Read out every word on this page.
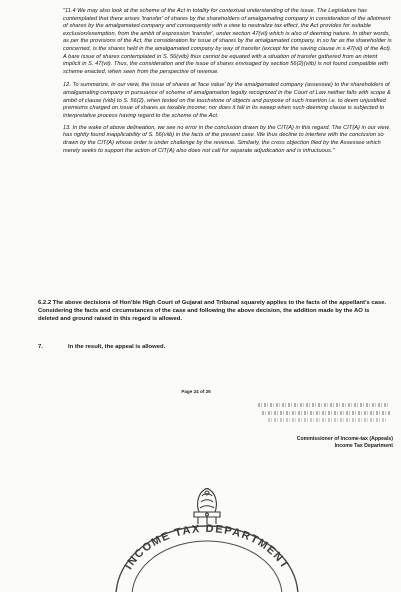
"11.4 We may also look at the scheme of the Act in totality for contextual understanding of the issue. The Legislature has contemplated that there arises 'transfer' of shares by the shareholders of amalgamating company in consideration of the allotment of shares by the amalgamated company and consequently with a view to neutralize tax effect, the Act provides for suitable exclusion/exemption, from the ambit of expression 'transfer', under section 47(vii) which is also of deeming nature. In other words, as per the provisions of the Act, the consideration for issue of shares by the amalgamated company, in so far as the shareholder is concerned, is the shares held in the amalgamated company by way of transfer (except for the saving clause in s.47(vii) of the Act). A bare issue of shares contemplated in S. 56(viib) thus cannot be equated with a situation of transfer gathered from an intent implicit in S. 47(vii). Thus, the consideration and the issue of shares envisaged by section 56(2)(viib) is not found compatible with scheme enacted, when seen from the perspective of revenue.

12. To summarize, in our view, the issue of shares at 'face value' by the amalgamated company (assessee) to the shareholders of amalgamating company in pursuance of scheme of amalgamation legally recognized in the Court of Law neither falls with scope & ambit of clause (viib) to S. 56(2), when tested on the touchstone of objects and purpose of such insertion i.e. to deem unjustified premiums charged on issue of shares as taxable income; nor does it fall in its sweep when such deeming clause is subjected to interpretative process having regard to the scheme of the Act.

13. In the wake of above delineation, we see no error in the conclusion drawn by the CIT(A) in this regard. The CIT(A) in our view, has rightly found inapplicability of S. 56(viib) in the facts of the present case. We thus decline to interfere with the conclusion so drawn by the CIT(A) whose order is under challenge by the revenue. Similarly, the cross objection filed by the Assessee which merely seeks to support the action of CIT(A) also does not call for separate adjudication and is infructuous."

6.2.2 The above decisions of Hon'ble High Court of Gujarat and Tribunal squarely applies to the facts of the appellant's case. Considering the facts and circumstances of the case and following the above decision, the addition made by the AO is deleted and ground raised in this regard is allowed.
7.	In the result, the appeal is allowed.
Page 24 of 25
Commissioner of Income-tax (Appeals)
Income Tax Department
INCOME TAX DEPARTMENT
